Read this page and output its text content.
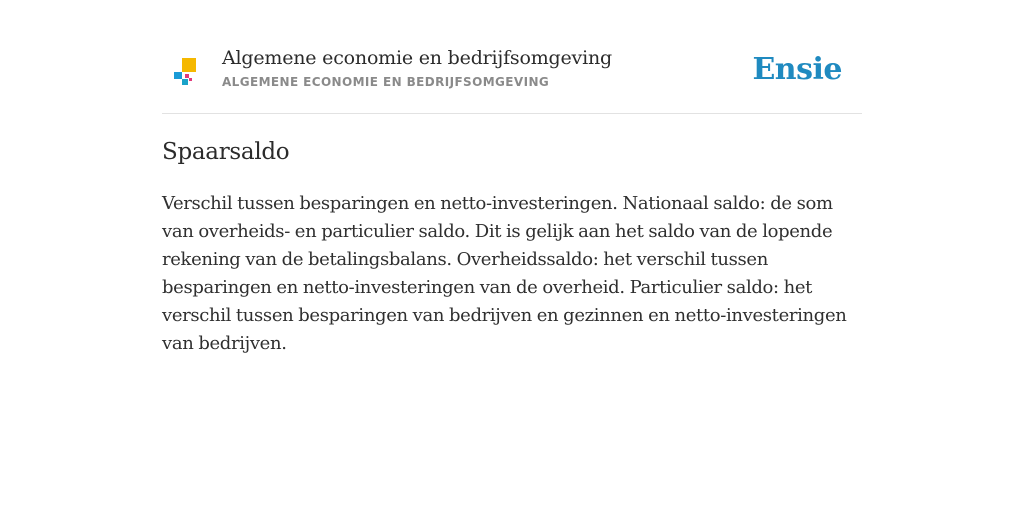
Algemene economie en bedrijfsomgeving
ALGEMENE ECONOMIE EN BEDRIJFSOMGEVING	Ensie
Spaarsaldo
Verschil tussen besparingen en netto-investeringen. Nationaal saldo: de som van overheids- en particulier saldo. Dit is gelijk aan het saldo van de lopende rekening van de betalingsbalans. Overheidssaldo: het verschil tussen besparingen en netto-investeringen van de overheid. Particulier saldo: het verschil tussen besparingen van bedrijven en gezinnen en netto-investeringen van bedrijven.
